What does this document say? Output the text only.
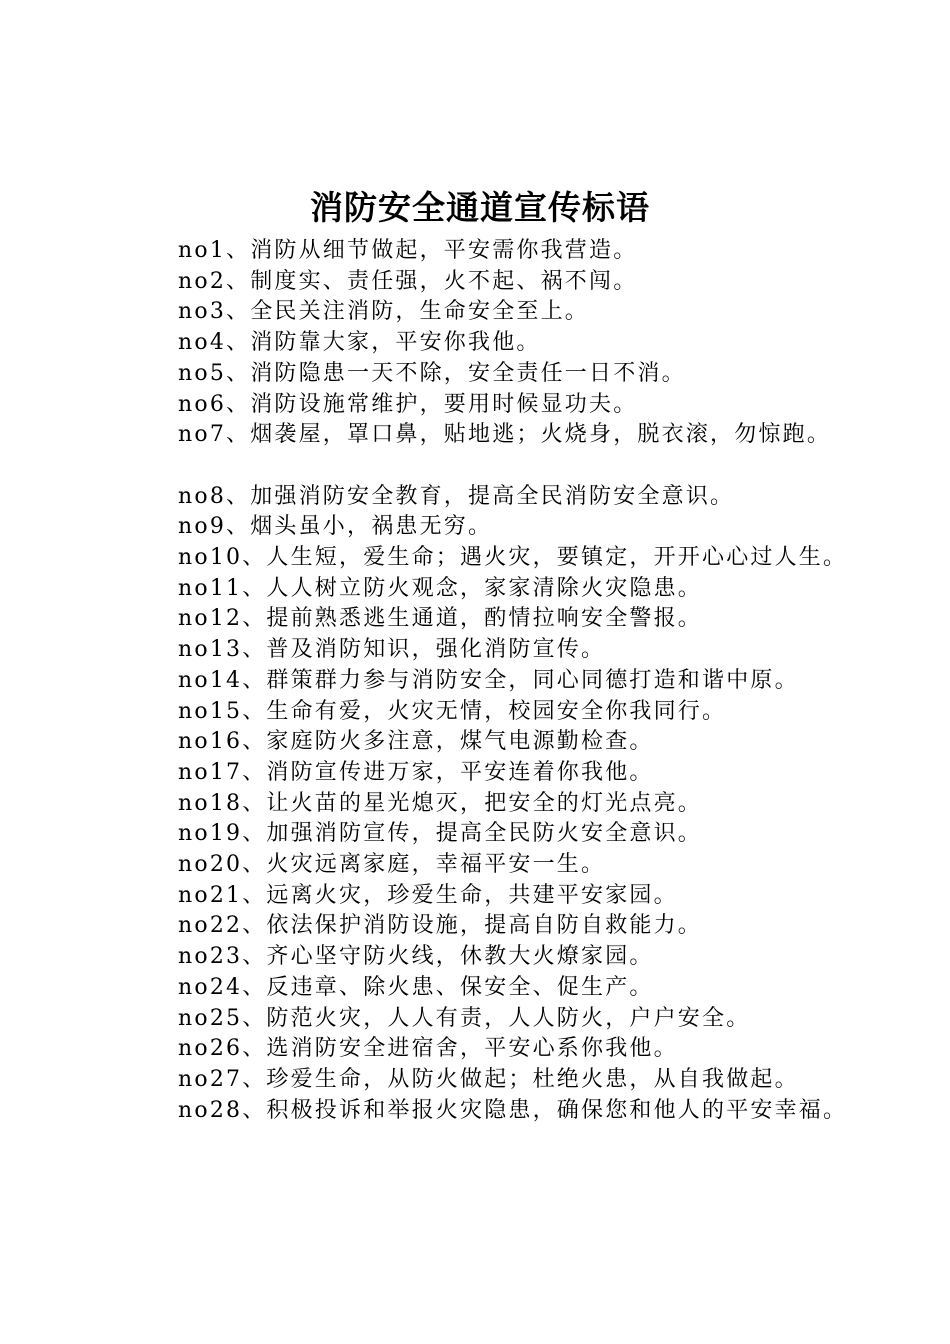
消防安全通道宣传标语

no1、消防从细节做起，平安需你我营造。

no2、制度实、责任强，火不起、祸不闯。

no3、全民关注消防，生命安全至上。

no4、消防靠大家，平安你我他。

no5、消防隐患一天不除，安全责任一日不消。

no6、消防设施常维护，要用时候显功夫。

no7、烟袭屋，罩口鼻，贴地逃；火烧身，脱衣滚，勿惊跑。

no8、加强消防安全教育，提高全民消防安全意识。

no9、烟头虽小，祸患无穷。

no10、人生短，爱生命；遇火灾，要镇定，开开心心过人生。

no11、人人树立防火观念，家家清除火灾隐患。

no12、提前熟悉逃生通道，酌情拉响安全警报。

no13、普及消防知识，强化消防宣传。

no14、群策群力参与消防安全，同心同德打造和谐中原。

no15、生命有爱，火灾无情，校园安全你我同行。

no16、家庭防火多注意，煤气电源勤检查。

no17、消防宣传进万家，平安连着你我他。

no18、让火苗的星光熄灭，把安全的灯光点亮。

no19、加强消防宣传，提高全民防火安全意识。

no20、火灾远离家庭，幸福平安一生。

no21、远离火灾，珍爱生命，共建平安家园。

no22、依法保护消防设施，提高自防自救能力。

no23、齐心坚守防火线，休教大火燎家园。

no24、反违章、除火患、保安全、促生产。

no25、防范火灾，人人有责，人人防火，户户安全。

no26、选消防安全进宿舍，平安心系你我他。

no27、珍爱生命，从防火做起；杜绝火患，从自我做起。

no28、积极投诉和举报火灾隐患，确保您和他人的平安幸福。
